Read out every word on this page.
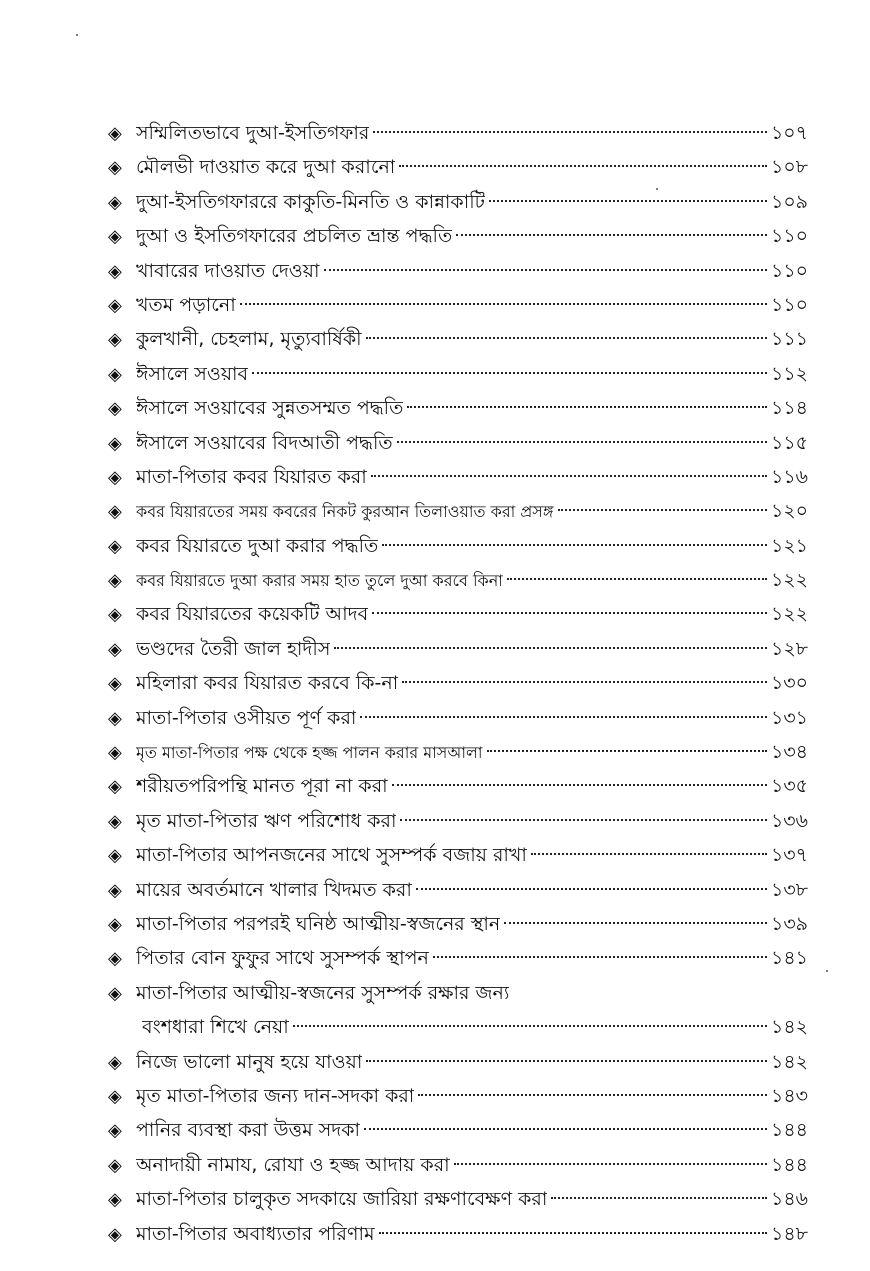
◈ সম্মিলিতভাবে দুআ-ইসতিগফার	১০৭
◈ মৌলভী দাওয়াত করে দুআ করানো	১০৮
◈ দুআ-ইসতিগফাররে কাকুতি-মিনতি ও কান্নাকাটি	১০৯
◈ দুআ ও ইসতিগফারের প্রচলিত ভ্রান্ত পদ্ধতি	১১০
◈ খাবারের দাওয়াত দেওয়া	১১০
◈ খতম পড়ানো	১১০
◈ কুলখানী, চেহলাম, মৃত্যুবার্ষিকী	১১১
◈ ঈসালে সওয়াব	১১২
◈ ঈসালে সওয়াবের সুন্নতসম্মত পদ্ধতি	১১৪
◈ ঈসালে সওয়াবের বিদআতী পদ্ধতি	১১৫
◈ মাতা-পিতার কবর যিয়ারত করা	১১৬
◈ কবর যিয়ারতের সময় কবরের নিকট কুরআন তিলাওয়াত করা প্রসঙ্গ	১২০
◈ কবর যিয়ারতে দুআ করার পদ্ধতি	১২১
◈ কবর যিয়ারতে দুআ করার সময় হাত তুলে দুআ করবে কিনা	১২২
◈ কবর যিয়ারতের কয়েকটি আদব	১২২
◈ ভণ্ডদের তৈরী জাল হাদীস	১২৮
◈ মহিলারা কবর যিয়ারত করবে কি-না	১৩০
◈ মাতা-পিতার ওসীয়ত পূর্ণ করা	১৩১
◈ মৃত মাতা-পিতার পক্ষ থেকে হজ্জ পালন করার মাসআলা	১৩৪
◈ শরীয়তপরিপন্থি মানত পূরা না করা	১৩৫
◈ মৃত মাতা-পিতার ঋণ পরিশোধ করা	১৩৬
◈ মাতা-পিতার আপনজনের সাথে সুসম্পর্ক বজায় রাখা	১৩৭
◈ মায়ের অবর্তমানে খালার খিদমত করা	১৩৮
◈ মাতা-পিতার পরপরই ঘনিষ্ঠ আত্মীয়-স্বজনের স্থান	১৩৯
◈ পিতার বোন ফুফুর সাথে সুসম্পর্ক স্থাপন	১৪১
◈ মাতা-পিতার আত্মীয়-স্বজনের সুসম্পর্ক রক্ষার জন্য
বংশধারা শিখে নেয়া	১৪২
◈ নিজে ভালো মানুষ হয়ে যাওয়া	১৪২
◈ মৃত মাতা-পিতার জন্য দান-সদকা করা	১৪৩
◈ পানির ব্যবস্থা করা উত্তম সদকা	১৪৪
◈ অনাদায়ী নামায, রোযা ও হজ্জ আদায় করা	১৪৪
◈ মাতা-পিতার চালুকৃত সদকায়ে জারিয়া রক্ষণাবেক্ষণ করা	১৪৬
◈ মাতা-পিতার অবাধ্যতার পরিণাম	১৪৮
